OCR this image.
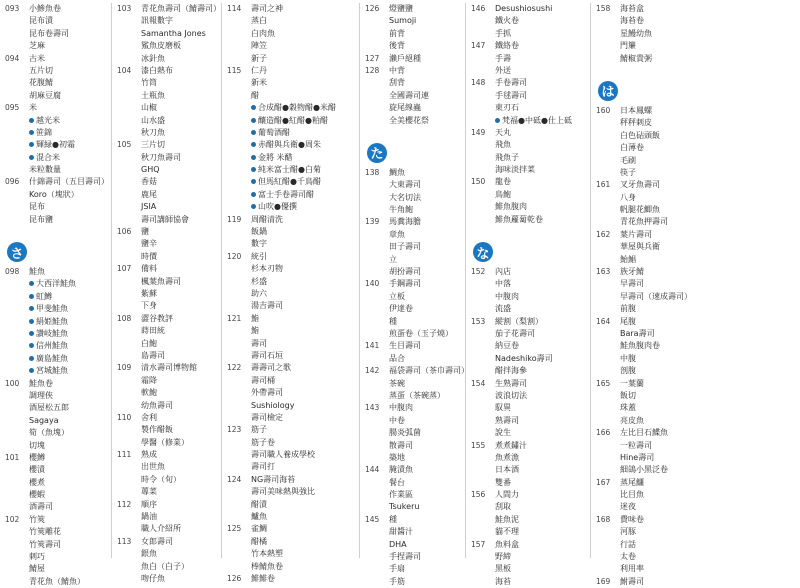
093	小鯵魚卷
昆布漬
昆布卷壽司
芝麻
094	古米
五片切
花腹鯖
胡麻豆腐
095	米
越光米
笹錦
輝緑●初霜
混合米
米粒數量
096	什錦壽司（五目壽司）
Koro（塊狀）
昆布
昆布鹽
さ
098	鮭魚
大西洋鮭魚
虹鱒
甲斐鮭魚
絹姫鮭魚
讚岐鮭魚
信州鮭魚
廣島鮭魚
宮城鮭魚
100	鮭魚卷
調理俠
酒屋松五郎
Sagaya
筍（魚塊）
切塊
101	櫻鱒
櫻漬
櫻煮
櫻蝦
酒壽司
102	竹筴
竹筴雕花
竹筴壽司
刺巧
鯖屋
青花魚（鯖魚）
103	青花魚壽司（鯖壽司）
訊報數字
Samantha Jones
鯊魚皮磨板
冰針魚
104	漆白熱布
竹筒
土瓶魚
山椒
山水盛
秋刀魚
105	三片切
秋刀魚壽司
GHQ
香菇
鹿尾
JSIA
壽司講師協會
106	鹽
鹽辛
時價
107	備料
楓葉魚壽司
紫蘇
下身
108	澀谷教評
蒔田統
白鮑
島壽司
109	清水壽司博物館
霜降
軟鮑
幼魚壽司
110	舍利
製作醋飯
學醫（修業）
111	熟成
出世魚
時令（旬）
蓴菜
112	順序
鍋油
職人介紹所
113	女郎壽司
銀魚
魚白（白子）
吻仔魚
114	壽司之神
蒸白
白肉魚
陣笠
新子
115	仁丹
新米
醋
合成醋●穀物醋●米醋
釀造醋●紅醋●粕醋
葡萄酒醋
赤醋與兵衛●周朱
金將 米醋
純米富士醋●白菊
但馬紅醋●千鳥醋
富士手卷壽司醋
山吹●優撰
119	周醋清洗
飯鍋
數字
120	統引
杉本刃物
杉盛
助六
湯吉壽司
121	鮨
鮨
壽司
壽司石垣
122	壽壽司之歌
壽司桶
外帶壽司
Sushiology
壽司檢定
123	筋子
筋子卷
壽司職人養成學校
壽司打
124	NG壽司海苔
壽司美味熱與強比
醋漬
鱸魚
125	雀鯛
醋橘
竹本熱塑
棒鯖魚卷
126	鯡鯡卷
126	燈鹽鹽
Sumoji
前背
後背
127	瀨戶絕種
128	中背
刮背
全國壽司連
旋尾線蟲
全美櫻花祭
た
138	鯛魚
大東壽司
大名切法
牛角鮑
139	馬糞海膽
章魚
田子壽司
立
胡扮壽司
140	手鋼壽司
立板
伊達卷
種
煎蛋卷（玉子燒）
141	生目壽司
品合
142	福袋壽司（茶巾壽司）
茶碗
蒸蛋（茶碗蒸）
143	中腹肉
中卷
腸炎弧菌
散壽司
築地
144	腌漬魚
餐台
作業區
Tsukeru
145	種
甜醬汁
DHA
手捏壽司
手扇
手筋
146	Desushiosushi
鐵火卷
手抓
147	鐵絡卷
手壽
外送
148	手卷壽司
手毬壽司
東刃石
梵福●中砥●仕上砥
149	天丸
飛魚
飛魚子
海味淡拌菜
150	龍卷
鳥鮑
鯡魚腹肉
鯡魚蘿蔔乾卷
な
152	內店
中落
中腹肉
流盛
153	縱割（梨割）
茄子花壽司
納豆卷
Nadeshiko壽司
醋拌海參
154	生熟壽司
波浪切法
馭異
熟壽司
說生
155	煮煮鏽汁
魚煮漁
日本酒
雙番
156	人間力
刮取
鮭魚泥
貓不理
157	魚料盒
野締
黑板
海苔
158	海苔盒
海苔卷
星鰻幼魚
門簾
鯖椒貴粥
は
160	日本鳳螺
秤秤刺皮
白色砧頭飯
白薄卷
毛刷
筷子
161	叉牙魚壽司
八身
帆腿花鯽魚
青花魚押壽司
162	葉片壽司
華屋與兵衛
鮐鯧
163	族牙鯖
早壽司
早壽司（速成壽司）
前腹
164	尾腹
Bara壽司
鮭魚腹肉卷
中腹
剖腹
165	一葉蘭
飯切
珠蓋
亮皮魚
166	左比目石鰈魚
一粒壽司
Hine壽司
細鴿小黑泛卷
167	蒸尾鱷
比目魚
迷夜
168	費味卷
河豚
行話
太卷
利用率
169	鮒壽司
